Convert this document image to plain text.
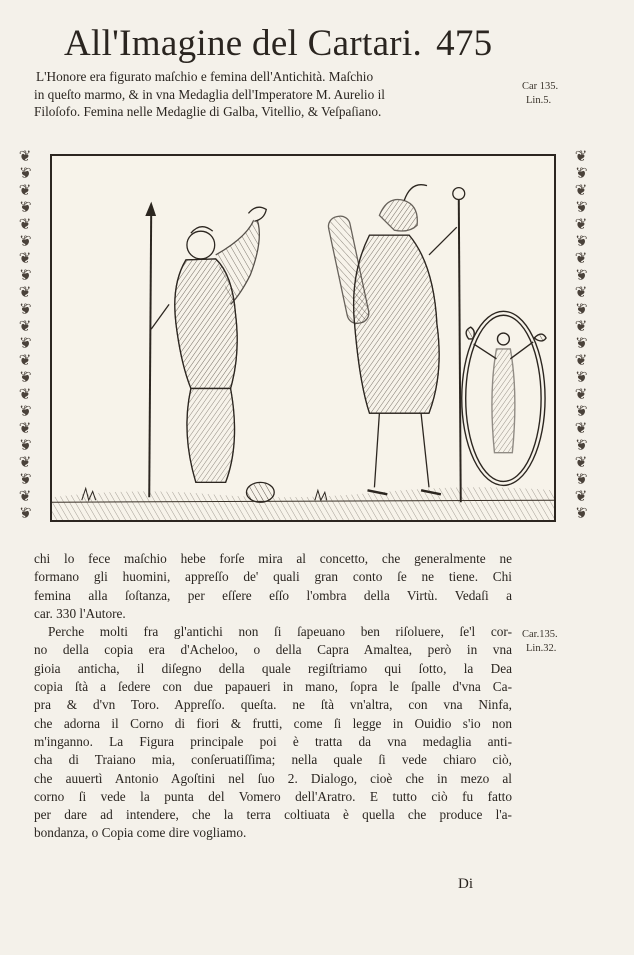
All'Imagine del Cartari. 475

L'Honore era figurato maſchio e femina dell'Antichità. Maſchio

in queſto marmo, & in vna Medaglia dell'Imperatore M. Aurelio il

Filoſofo. Femina nelle Medaglie di Galba, Vitellio, & Veſpaſiano.

Car 135.
Lin.5.
❦
❦
❦
❦
❦
❦
❦
❦
❦
❦
❦
❦
❦
❦
❦
❦
❦
❦
❦
❦
❦
❦
❦
❦
❦
❦
❦
❦
❦
❦
❦
❦
❦
❦
❦
❦
❦
❦
❦
❦
❦
❦
❦
❦
chi lo fece maſchio hebe forſe mira al concetto, che generalmente ne
formano gli huomini, appreſſo de' quali gran conto ſe ne tiene. Chi
femina alla ſoſtanza, per eſſere eſſo l'ombra della Virtù. Vedaſi a
car. 330 l'Autore.
Perche molti fra gl'antichi non ſi ſapeuano ben riſoluere, ſe'l cor-
no della copia era d'Acheloo, o della Capra Amaltea, però in vna
gioia anticha, il diſegno della quale regiſtriamo qui ſotto, la Dea
copia ſtà a ſedere con due papaueri in mano, ſopra le ſpalle d'vna Ca-
pra & d'vn Toro. Appreſſo. queſta. ne ſtà vn'altra, con vna Ninfa,
che adorna il Corno di fiori & frutti, come ſi legge in Ouidio s'io non
m'inganno. La Figura principale poi è tratta da vna medaglia anti-
cha di Traiano mia, conſeruatiſſima; nella quale ſi vede chiaro ciò,
che auuertì Antonio Agoſtini nel ſuo 2. Dialogo, cioè che in mezo al
corno ſi vede la punta del Vomero dell'Aratro. E tutto ciò fu fatto
per dare ad intendere, che la terra coltiuata è quella che produce l'a-
bondanza, o Copia come dire vogliamo.
Car.135.
Lin.32.
Di
